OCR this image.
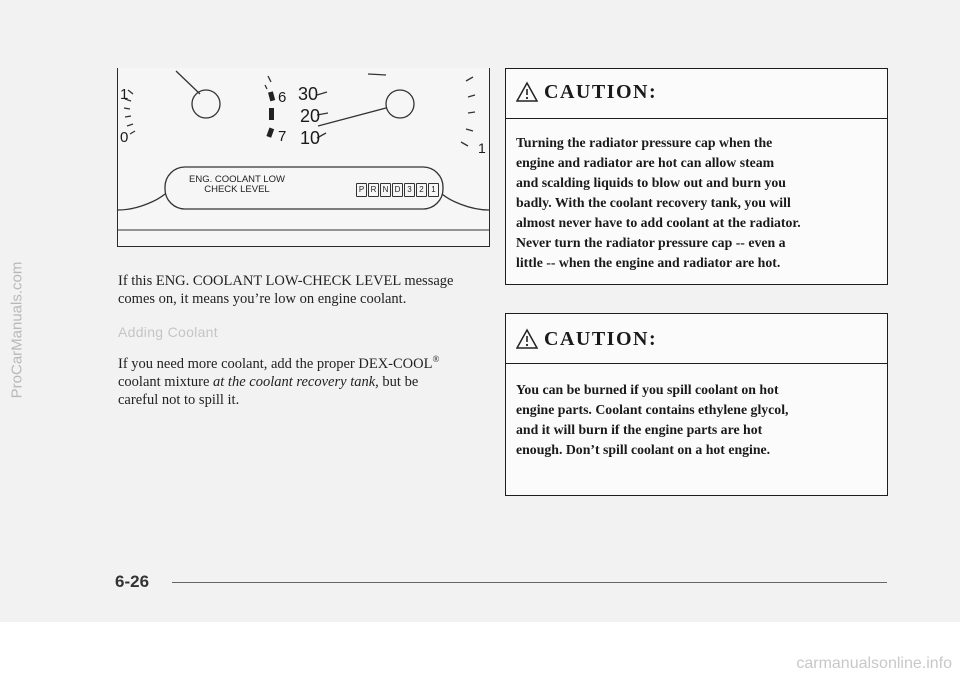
ProCarManuals.com
1
0
6
7
30
20
10	1
ENG. COOLANT LOW
CHECK LEVEL	P R N D 3 2 1
If this ENG. COOLANT LOW-CHECK LEVEL message
comes on, it means you’re low on engine coolant.
Adding Coolant
If you need more coolant, add the proper DEX-COOL®
coolant mixture at the coolant recovery tank, but be
careful not to spill it.
CAUTION:
Turning the radiator pressure cap when the
engine and radiator are hot can allow steam
and scalding liquids to blow out and burn you
badly. With the coolant recovery tank, you will
almost never have to add coolant at the radiator.
Never turn the radiator pressure cap -- even a
little -- when the engine and radiator are hot.
CAUTION:
You can be burned if you spill coolant on hot
engine parts. Coolant contains ethylene glycol,
and it will burn if the engine parts are hot
enough. Don’t spill coolant on a hot engine.
6-26
carmanualsonline.info
